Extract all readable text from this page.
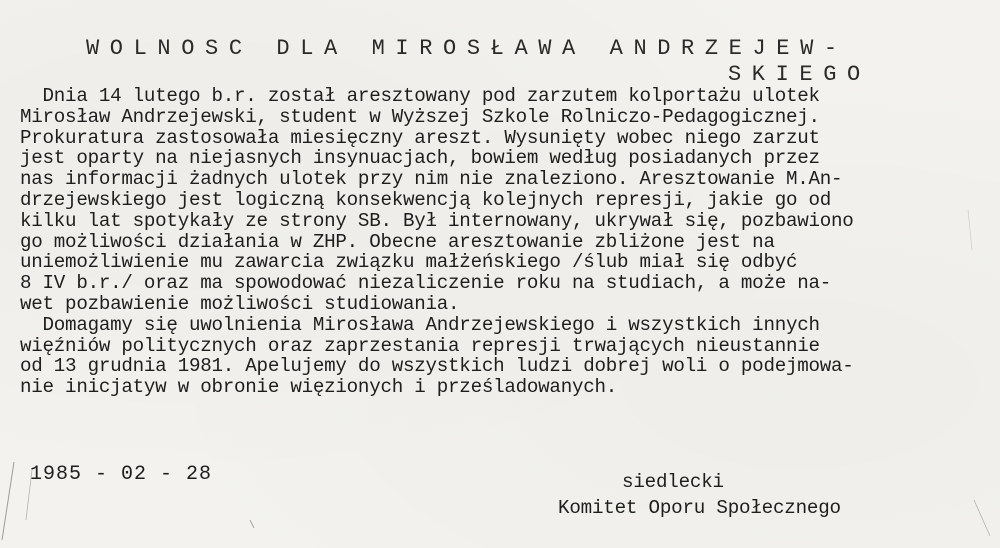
WOLNOSC DLA MIROSŁAWA ANDRZEJEW-
SKIEGO
Dnia 14 lutego b.r. został aresztowany pod zarzutem kolportażu ulotek
Mirosław Andrzejewski, student w Wyższej Szkole Rolniczo-Pedagogicznej.
Prokuratura zastosowała miesięczny areszt. Wysunięty wobec niego zarzut
jest oparty na niejasnych insynuacjach, bowiem według posiadanych przez
nas informacji żadnych ulotek przy nim nie znaleziono. Aresztowanie M.An-
drzejewskiego jest logiczną konsekwencją kolejnych represji, jakie go od
kilku lat spotykały ze strony SB. Był internowany, ukrywał się, pozbawiono
go możliwości działania w ZHP. Obecne aresztowanie zbliżone jest na
uniemożliwienie mu zawarcia związku małżeńskiego /ślub miał się odbyć
8 IV b.r./ oraz ma spowodować niezaliczenie roku na studiach, a może na-
wet pozbawienie możliwości studiowania.
Domagamy się uwolnienia Mirosława Andrzejewskiego i wszystkich innych
więźniów politycznych oraz zaprzestania represji trwających nieustannie
od 13 grudnia 1981. Apelujemy do wszystkich ludzi dobrej woli o podejmowa-
nie inicjatyw w obronie więzionych i prześladowanych.
1985 - 02 - 28	siedlecki
Komitet Oporu Społecznego
